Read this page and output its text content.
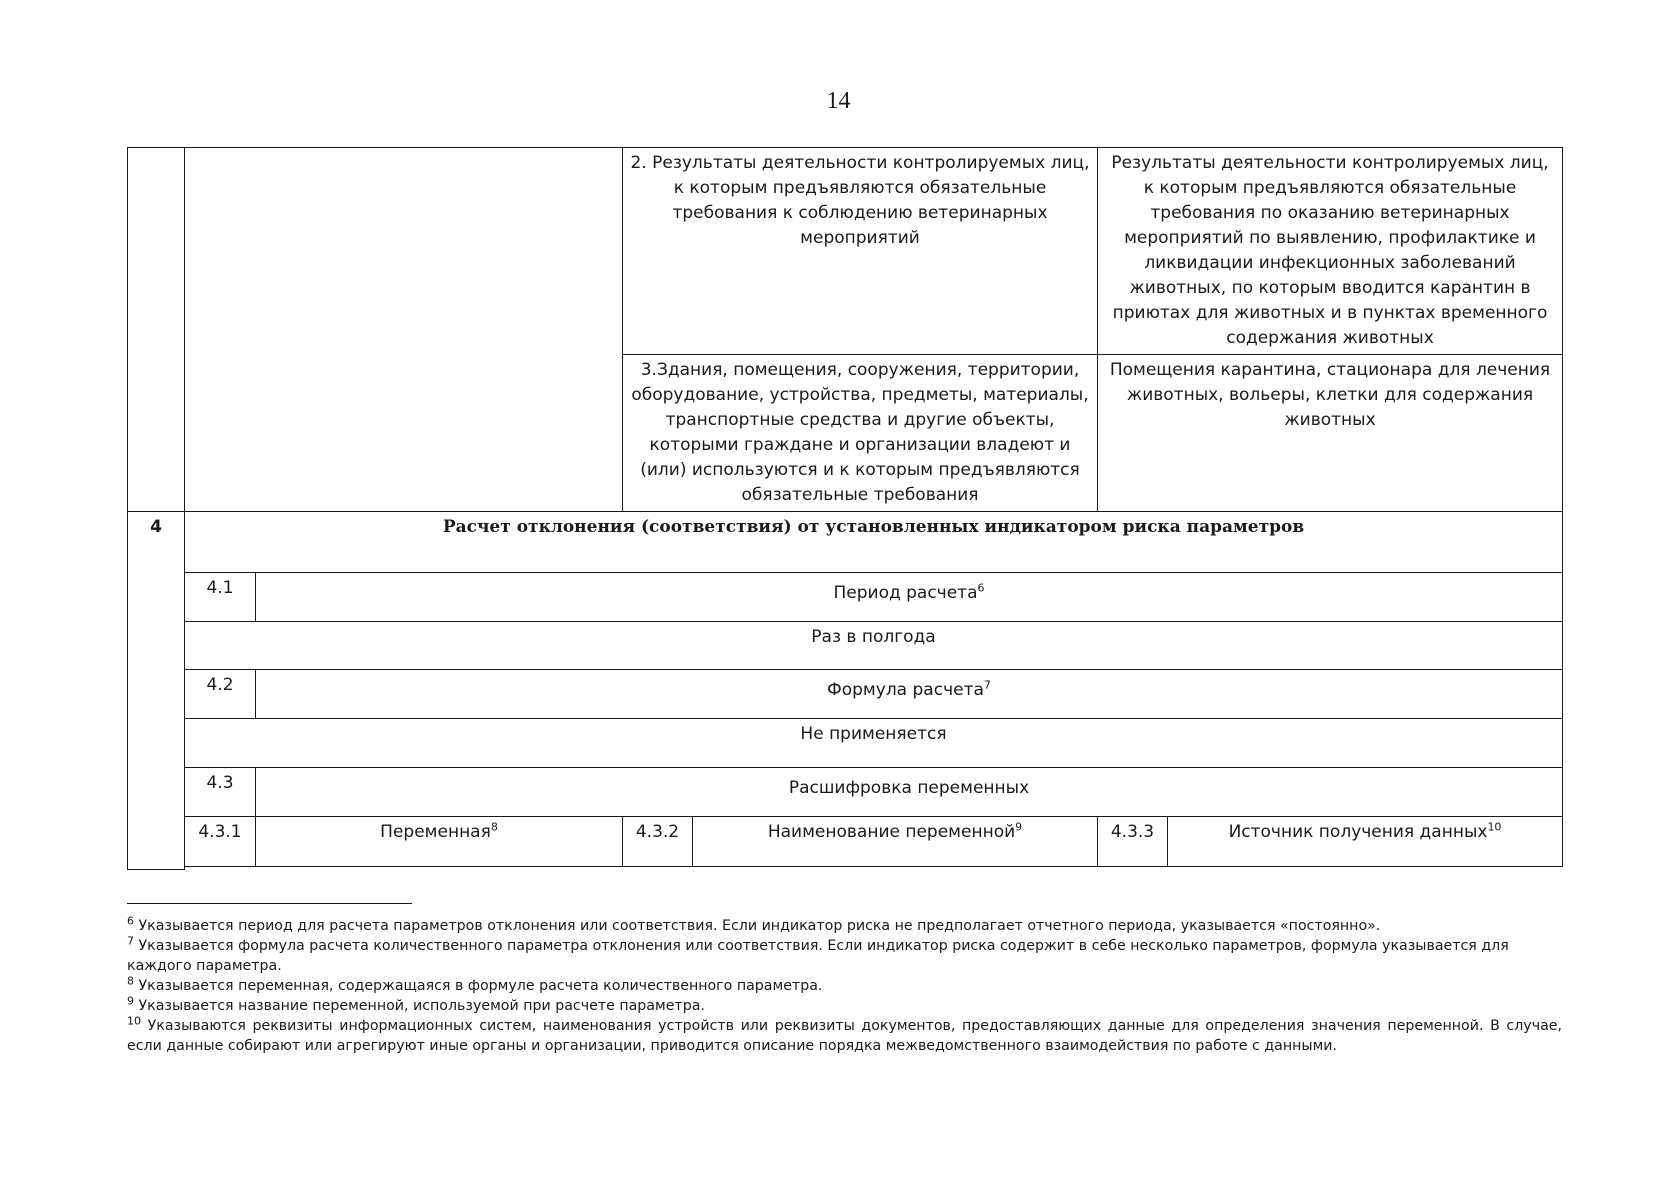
14
			2. Результаты деятельности контролируемых лиц, к которым предъявляются обязательные требования к соблюдению ветеринарных мероприятий		Результаты деятельности контролируемых лиц, к которым предъявляются обязательные требования по оказанию ветеринарных мероприятий по выявлению, профилактике и ликвидации инфекционных заболеваний животных, по которым вводится карантин в приютах для животных и в пунктах временного содержания животных	
			3.Здания, помещения, сооружения, территории, оборудование, устройства, предметы, материалы, транспортные средства и другие объекты, которыми граждане и организации владеют и (или) используются и к которым предъявляются обязательные требования		Помещения карантина, стационара для лечения животных, вольеры, клетки для содержания животных	
4	Расчет отклонения (соответствия) от установленных индикатором риска параметров					
	4.1	Период расчета$^6$
	Раз в полгода					
	4.2	Формула расчета$^7$
	Не применяется					
	4.3	Расшифровка переменных				
	4.3.1	Переменная$^8$	4.3.2	Наименование переменной$^9$	4.3.3	Источник получения данных$^{10}$

$^6$ Указывается период для расчета параметров отклонения или соответствия. Если индикатор риска не предполагает отчетного периода, указывается «постоянно».

$^7$ Указывается формула расчета количественного параметра отклонения или соответствия. Если индикатор риска содержит в себе несколько параметров, формула указывается для каждого параметра.

$^8$ Указывается переменная, содержащаяся в формуле расчета количественного параметра.

$^9$ Указывается название переменной, используемой при расчете параметра.

$^{10}$ Указываются реквизиты информационных систем, наименования устройств или реквизиты документов, предоставляющих данные для определения значения переменной. В случае, если данные собирают или агрегируют иные органы и организации, приводится описание порядка межведомственного взаимодействия по работе с данными.
